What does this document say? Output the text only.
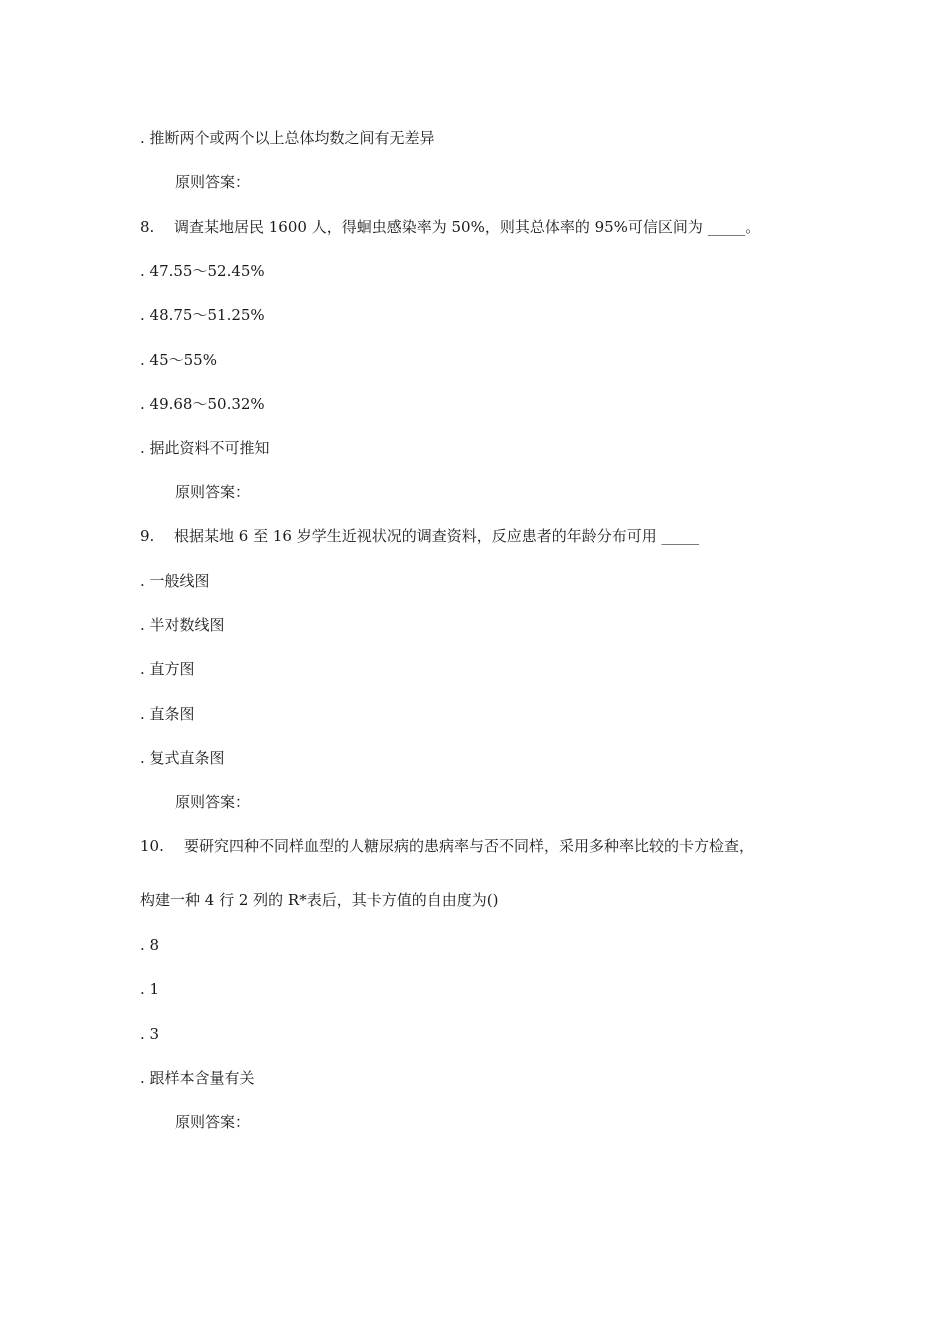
. 推断两个或两个以上总体均数之间有无差异
原则答案：
8. 调查某地居民 1600 人，得蛔虫感染率为 50%，则其总体率的 95%可信区间为 _____。
. 47.55～52.45%
. 48.75～51.25%
. 45～55%
. 49.68～50.32%
. 据此资料不可推知
原则答案：
9. 根据某地 6 至 16 岁学生近视状况的调查资料，反应患者的年龄分布可用 _____
. 一般线图
. 半对数线图
. 直方图
. 直条图
. 复式直条图
原则答案：
10. 要研究四种不同样血型的人糖尿病的患病率与否不同样，采用多种率比较的卡方检查，
构建一种 4 行 2 列的 R*表后，其卡方值的自由度为()
. 8
. 1
. 3
. 跟样本含量有关
原则答案：
